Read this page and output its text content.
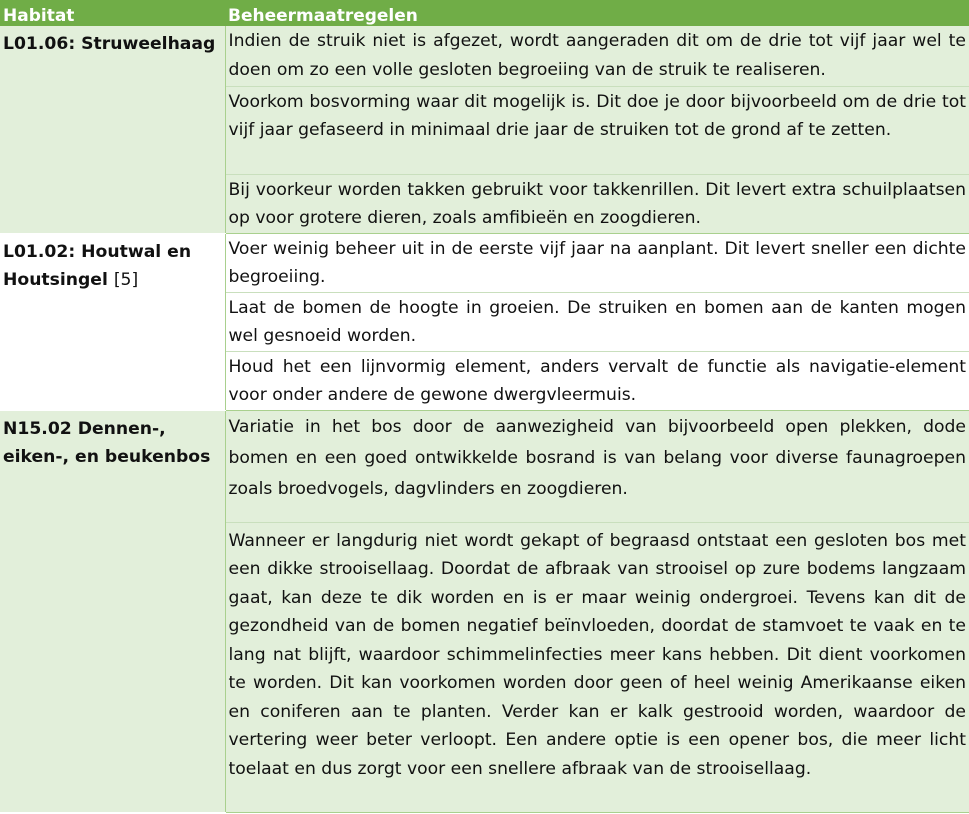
Habitat	Beheermaatregelen
L01.06: Struweelhaag	Indien de struik niet is afgezet, wordt aangeraden dit om de drie tot vijf jaar wel te doen om zo een volle gesloten begroeiing van de struik te realiseren.
	Voorkom bosvorming waar dit mogelijk is. Dit doe je door bijvoorbeeld om de drie tot vijf jaar gefaseerd in minimaal drie jaar de struiken tot de grond af te zetten.
	Bij voorkeur worden takken gebruikt voor takkenrillen. Dit levert extra schuilplaatsen op voor grotere dieren, zoals amfibieën en zoogdieren.
L01.02: Houtwal en Houtsingel [5]	Voer weinig beheer uit in de eerste vijf jaar na aanplant. Dit levert sneller een dichte begroeiing.
	Laat de bomen de hoogte in groeien. De struiken en bomen aan de kanten mogen wel gesnoeid worden.
	Houd het een lijnvormig element, anders vervalt de functie als navigatie-element voor onder andere de gewone dwergvleermuis.
N15.02 Dennen-, eiken-, en beukenbos	Variatie in het bos door de aanwezigheid van bijvoorbeeld open plekken, dode bomen en een goed ontwikkelde bosrand is van belang voor diverse faunagroepen zoals broedvogels, dagvlinders en zoogdieren.
	Wanneer er langdurig niet wordt gekapt of begraasd ontstaat een gesloten bos met een dikke strooisellaag. Doordat de afbraak van strooisel op zure bodems langzaam gaat, kan deze te dik worden en is er maar weinig ondergroei. Tevens kan dit de gezondheid van de bomen negatief beïnvloeden, doordat de stamvoet te vaak en te lang nat blijft, waardoor schimmelinfecties meer kans hebben. Dit dient voorkomen te worden. Dit kan voorkomen worden door geen of heel weinig Amerikaanse eiken en coniferen aan te planten. Verder kan er kalk gestrooid worden, waardoor de vertering weer beter verloopt. Een andere optie is een opener bos, die meer licht toelaat en dus zorgt voor een snellere afbraak van de strooisellaag.
